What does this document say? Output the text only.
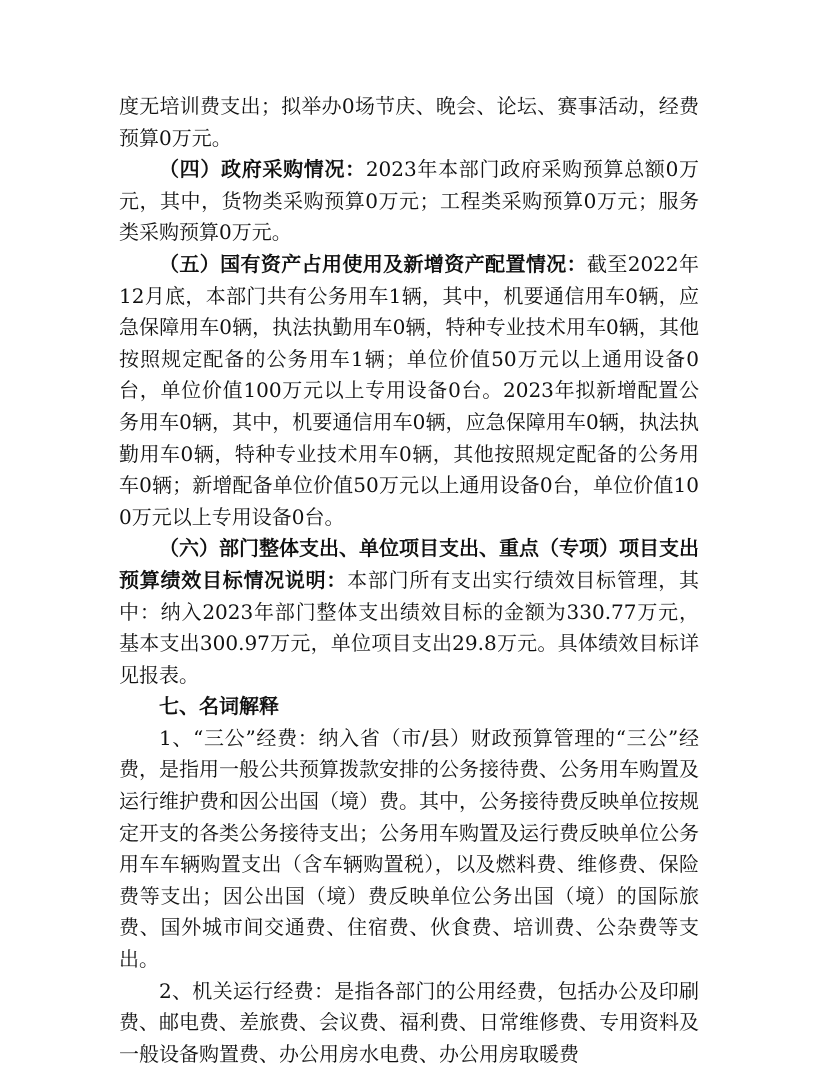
度无培训费支出；拟举办0场节庆、晚会、论坛、赛事活动，经费预算0万元。

（四）政府采购情况：2023年本部门政府采购预算总额0万元，其中，货物类采购预算0万元；工程类采购预算0万元；服务类采购预算0万元。

（五）国有资产占用使用及新增资产配置情况：截至2022年12月底，本部门共有公务用车1辆，其中，机要通信用车0辆，应急保障用车0辆，执法执勤用车0辆，特种专业技术用车0辆，其他按照规定配备的公务用车1辆；单位价值50万元以上通用设备0台，单位价值100万元以上专用设备0台。2023年拟新增配置公务用车0辆，其中，机要通信用车0辆，应急保障用车0辆，执法执勤用车0辆，特种专业技术用车0辆，其他按照规定配备的公务用车0辆；新增配备单位价值50万元以上通用设备0台，单位价值100万元以上专用设备0台。

（六）部门整体支出、单位项目支出、重点（专项）项目支出预算绩效目标情况说明：本部门所有支出实行绩效目标管理，其中：纳入2023年部门整体支出绩效目标的金额为330.77万元，基本支出300.97万元，单位项目支出29.8万元。具体绩效目标详见报表。

七、名词解释

1、“三公”经费：纳入省（市/县）财政预算管理的“三公”经费，是指用一般公共预算拨款安排的公务接待费、公务用车购置及运行维护费和因公出国（境）费。其中，公务接待费反映单位按规定开支的各类公务接待支出；公务用车购置及运行费反映单位公务用车车辆购置支出（含车辆购置税），以及燃料费、维修费、保险费等支出；因公出国（境）费反映单位公务出国（境）的国际旅费、国外城市间交通费、住宿费、伙食费、培训费、公杂费等支出。

2、机关运行经费：是指各部门的公用经费，包括办公及印刷费、邮电费、差旅费、会议费、福利费、日常维修费、专用资料及一般设备购置费、办公用房水电费、办公用房取暖费
